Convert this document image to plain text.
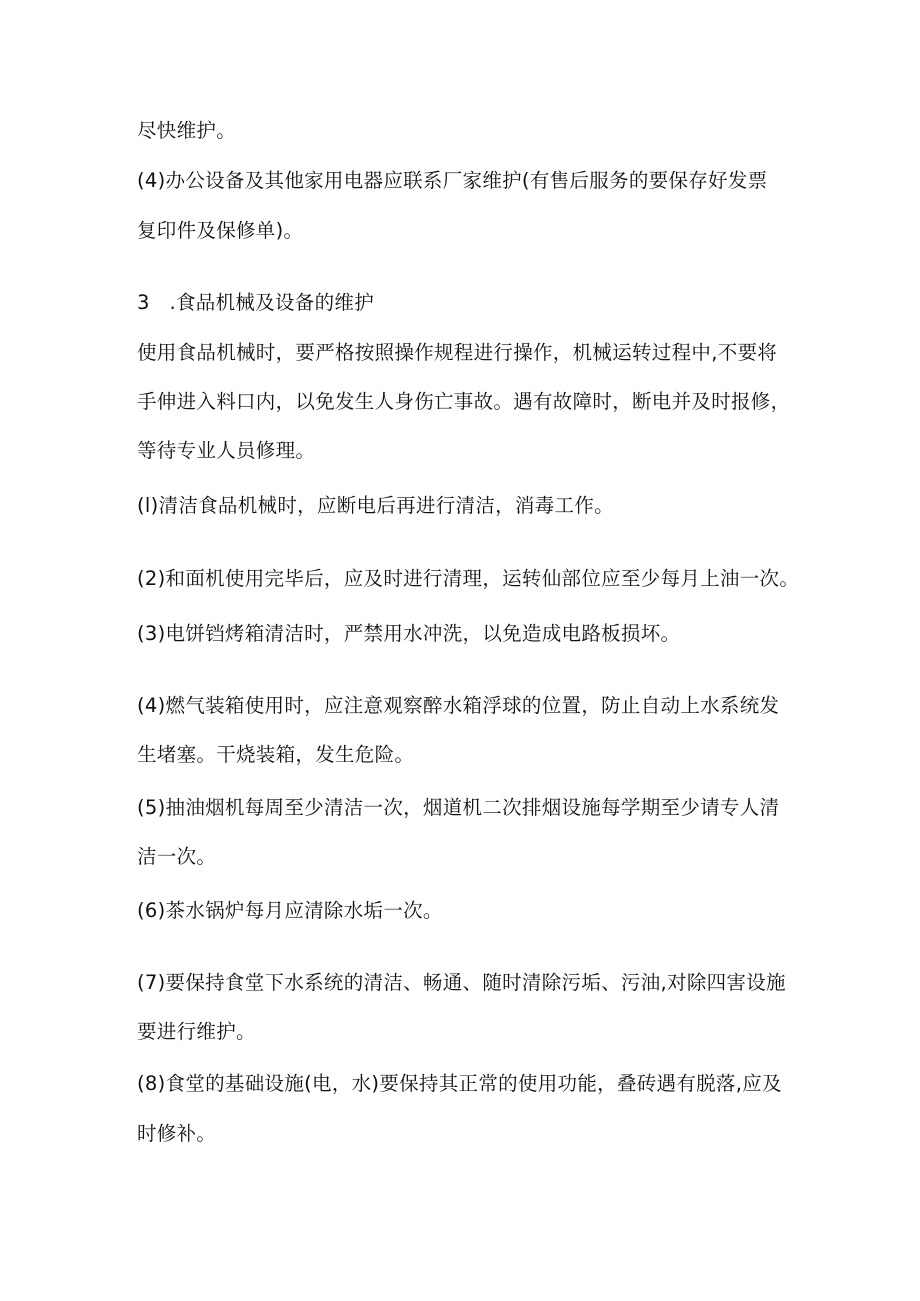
尽快维护。
(4)办公设备及其他家用电器应联系厂家维护(有售后服务的要保存好发票
复印件及保修单)。
3　.食品机械及设备的维护
使用食品机械时，要严格按照操作规程进行操作，机械运转过程中,不要将
手伸进入料口内，以免发生人身伤亡事故。遇有故障时，断电并及时报修，
等待专业人员修理。
(l)清洁食品机械时，应断电后再进行清洁，消毒工作。
(2)和面机使用完毕后，应及时进行清理，运转仙部位应至少每月上油一次。
(3)电饼铛烤箱清洁时，严禁用水冲洗，以免造成电路板损坏。
(4)燃气装箱使用时，应注意观察醉水箱浮球的位置，防止自动上水系统发
生堵塞。干烧装箱，发生危险。
(5)抽油烟机每周至少清洁一次，烟道机二次排烟设施每学期至少请专人清
洁一次。
(6)茶水锅炉每月应清除水垢一次。
(7)要保持食堂下水系统的清洁、畅通、随时清除污垢、污油,对除四害设施
要进行维护。
(8)食堂的基础设施(电，水)要保持其正常的使用功能，叠砖遇有脱落,应及
时修补。
